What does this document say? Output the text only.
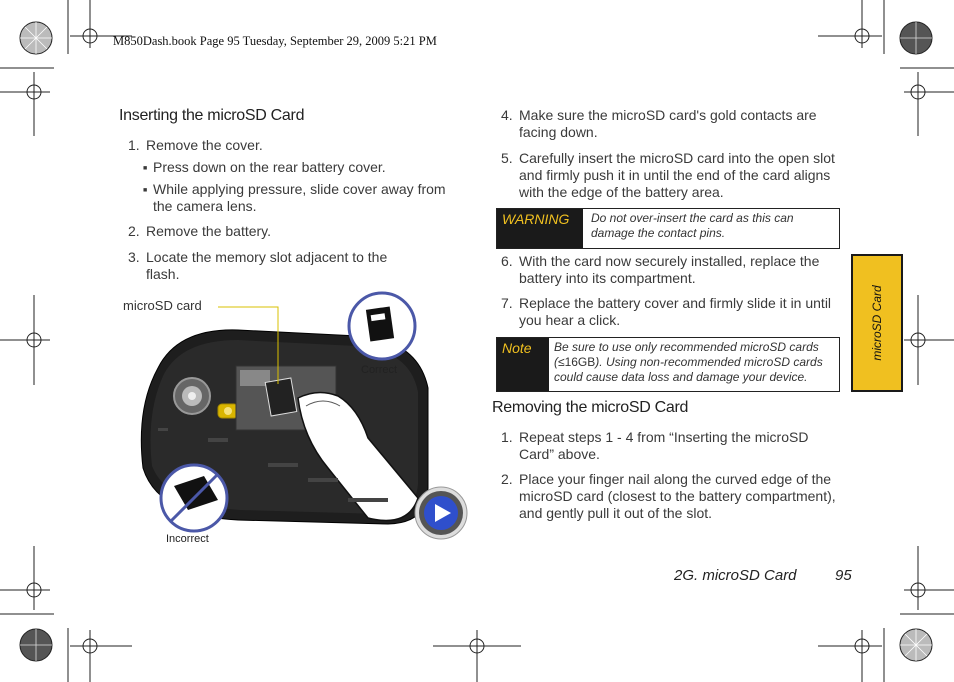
M850Dash.book Page 95 Tuesday, September 29, 2009 5:21 PM
Inserting the microSD Card
1. Remove the cover.
■ Press down on the rear battery cover.
■ While applying pressure, slide cover away from
the camera lens.
2. Remove the battery.
3. Locate the memory slot adjacent to the
flash.
microSD card
Correct
Incorrect
4. Make sure the microSD card's gold contacts are
facing down.
5. Carefully insert the microSD card into the open slot
and firmly push it in until the end of the card aligns
with the edge of the battery area.
WARNING	Do not over-insert the card as this can
damage the contact pins.
6. With the card now securely installed, replace the
battery into its compartment.
7. Replace the battery cover and firmly slide it in until
you hear a click.
Note	Be sure to use only recommended microSD cards
(≤16GB). Using non-recommended microSD cards
could cause data loss and damage your device.
Removing the microSD Card
1. Repeat steps 1 - 4 from “Inserting the microSD
Card” above.
2. Place your finger nail along the curved edge of the
microSD card (closest to the battery compartment),
and gently pull it out of the slot.
microSD Card
2G. microSD Card	95
